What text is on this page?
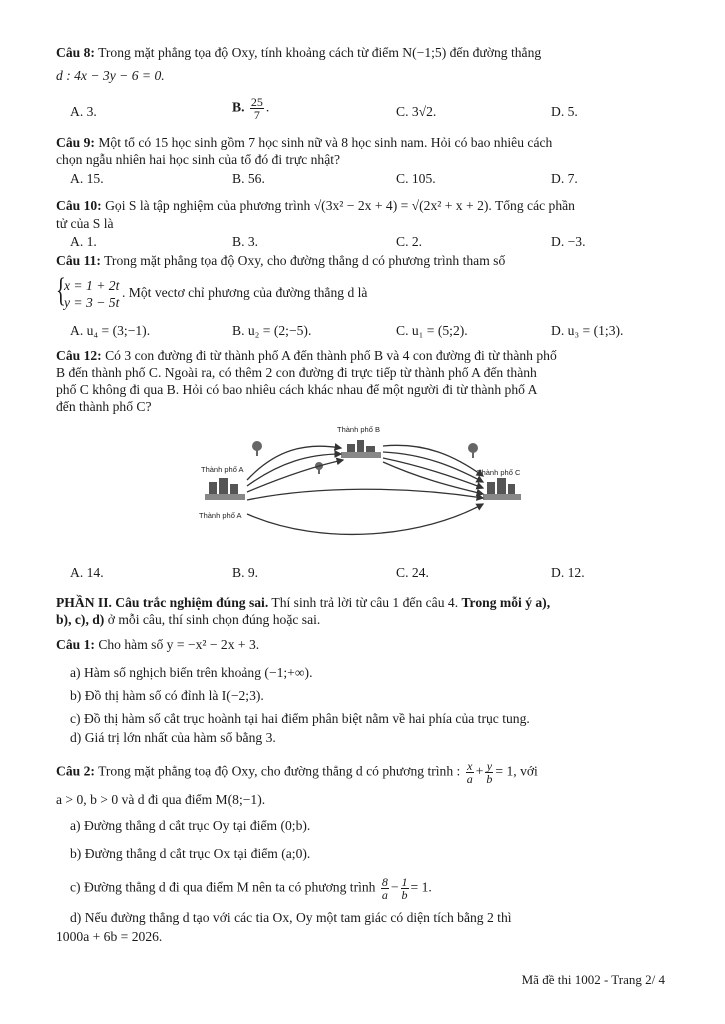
Câu 8: Trong mặt phẳng tọa độ Oxy, tính khoảng cách từ điểm N(−1;5) đến đường thẳng
d : 4x − 3y − 6 = 0.
A. 3.	B. $\frac{25}{7}$ .	C. 3√2.	D. 5.
Câu 9: Một tổ có 15 học sinh gồm 7 học sinh nữ và 8 học sinh nam. Hỏi có bao nhiêu cách
chọn ngẫu nhiên hai học sinh của tổ đó đi trực nhật?
A. 15.	B. 56.	C. 105.	D. 7.
Câu 10: Gọi S là tập nghiệm của phương trình √(3x² − 2x + 4) = √(2x² + x + 2). Tổng các phần
tử của S là
A. 1.	B. 3.	C. 2.	D. −3.
Câu 11: Trong mặt phẳng tọa độ Oxy, cho đường thẳng d có phương trình tham số
{
x = 1 + 2t
y = 3 − 5t
. Một vectơ chỉ phương của đường thẳng d là
A. u₄ = (3;−1).	B. u₂ = (2;−5).	C. u₁ = (5;2).	D. u₃ = (1;3).
Câu 12: Có 3 con đường đi từ thành phố A đến thành phố B và 4 con đường đi từ thành phố
B đến thành phố C. Ngoài ra, có thêm 2 con đường đi trực tiếp từ thành phố A đến thành
phố C không đi qua B. Hỏi có bao nhiêu cách khác nhau để một người đi từ thành phố A
đến thành phố C?
Thành phố B
Thành phố A	Thành phố C
Thành phố A
A. 14.	B. 9.	C. 24.	D. 12.
PHẦN II. Câu trắc nghiệm đúng sai. Thí sinh trả lời từ câu 1 đến câu 4. Trong mỗi ý a),
b), c), d) ở mỗi câu, thí sinh chọn đúng hoặc sai.
Câu 1: Cho hàm số y = −x² − 2x + 3.
a) Hàm số nghịch biến trên khoảng (−1;+∞).
b) Đồ thị hàm số có đỉnh là I(−2;3).
c) Đồ thị hàm số cắt trục hoành tại hai điểm phân biệt nằm về hai phía của trục tung.
d) Giá trị lớn nhất của hàm số bằng 3.
Câu 2: Trong mặt phẳng toạ độ Oxy, cho đường thẳng d có phương trình : $\frac{x}{a} + \frac{y}{b} = 1$, với
a > 0, b > 0 và d đi qua điểm M(8;−1).
a) Đường thẳng d cắt trục Oy tại điểm (0;b).
b) Đường thẳng d cắt trục Ox tại điểm (a;0).
c) Đường thẳng d đi qua điểm M nên ta có phương trình $\frac{8}{a} - \frac{1}{b} = 1$.
d) Nếu đường thẳng d tạo với các tia Ox, Oy một tam giác có diện tích bằng 2 thì
1000a + 6b = 2026.
Mã đề thi 1002 - Trang 2/ 4
